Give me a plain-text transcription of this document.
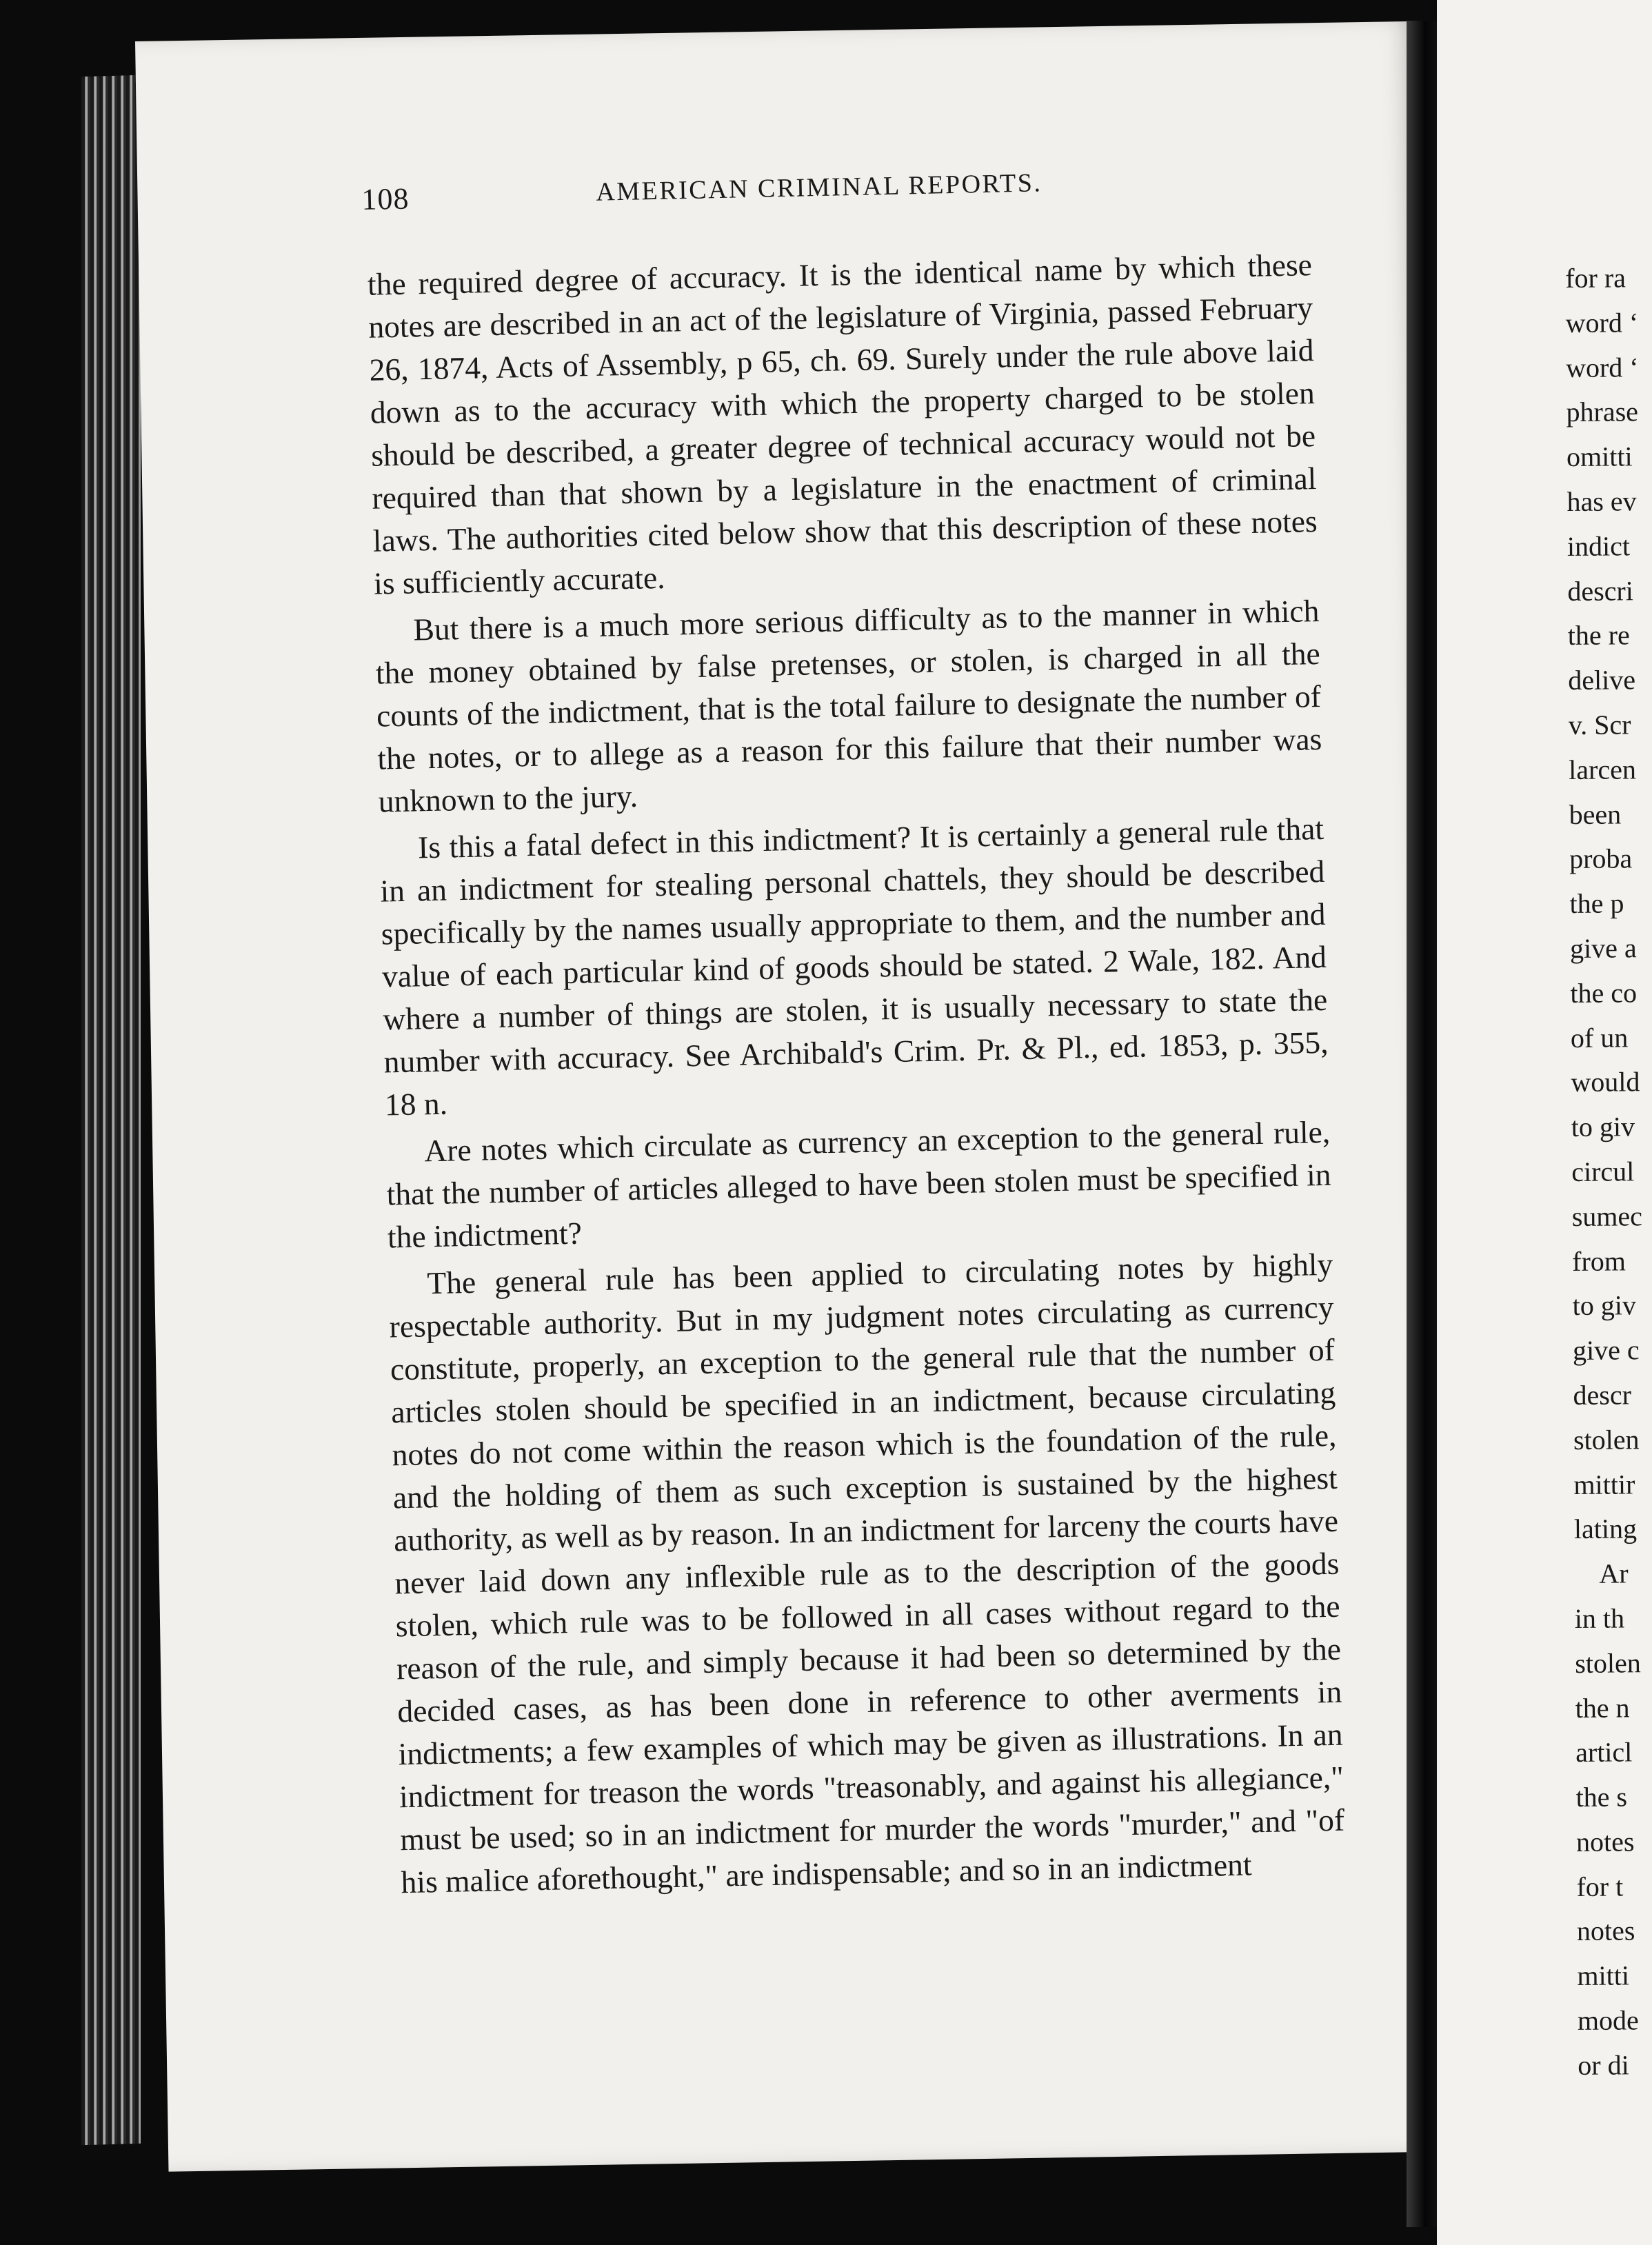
108	AMERICAN CRIMINAL REPORTS.

the required degree of accuracy. It is the identical name by which these notes are described in an act of the legislature of Virginia, passed February 26, 1874, Acts of Assembly, p 65, ch. 69. Surely under the rule above laid down as to the accuracy with which the property charged to be stolen should be described, a greater degree of technical accuracy would not be required than that shown by a legislature in the enactment of criminal laws. The authorities cited below show that this description of these notes is sufficiently accurate.

But there is a much more serious difficulty as to the manner in which the money obtained by false pretenses, or stolen, is charged in all the counts of the indictment, that is the total failure to designate the number of the notes, or to allege as a reason for this failure that their number was unknown to the jury.

Is this a fatal defect in this indictment? It is certainly a general rule that in an indictment for stealing personal chattels, they should be described specifically by the names usually appropriate to them, and the number and value of each particular kind of goods should be stated. 2 Wale, 182. And where a number of things are stolen, it is usually necessary to state the number with accuracy. See Archibald's Crim. Pr. & Pl., ed. 1853, p. 355, 18 n.

Are notes which circulate as currency an exception to the general rule, that the number of articles alleged to have been stolen must be specified in the indictment?

The general rule has been applied to circulating notes by highly respectable authority. But in my judgment notes circulating as currency constitute, properly, an exception to the general rule that the number of articles stolen should be specified in an indictment, because circulating notes do not come within the reason which is the foundation of the rule, and the holding of them as such exception is sustained by the highest authority, as well as by reason. In an indictment for larceny the courts have never laid down any inflexible rule as to the description of the goods stolen, which rule was to be followed in all cases without regard to the reason of the rule, and simply because it had been so determined by the decided cases, as has been done in reference to other averments in indictments; a few examples of which may be given as illustrations. In an indictment for treason the words "treasonably, and against his allegiance," must be used; so in an indictment for murder the words "murder," and "of his malice aforethought," are indispensable; and so in an indictment

for ra
word ‘
word ‘
phrase
omitti
has ev
indict
descri
the re
delive
v. Scr
larcen
been
proba
the p
give a
the co
of un
would
to giv
circul
sumec
from
to giv
give c
descr
stolen
mittir
lating
Ar
in th
stolen
the n
articl
the s
notes
for t
notes
mitti
mode
or di
